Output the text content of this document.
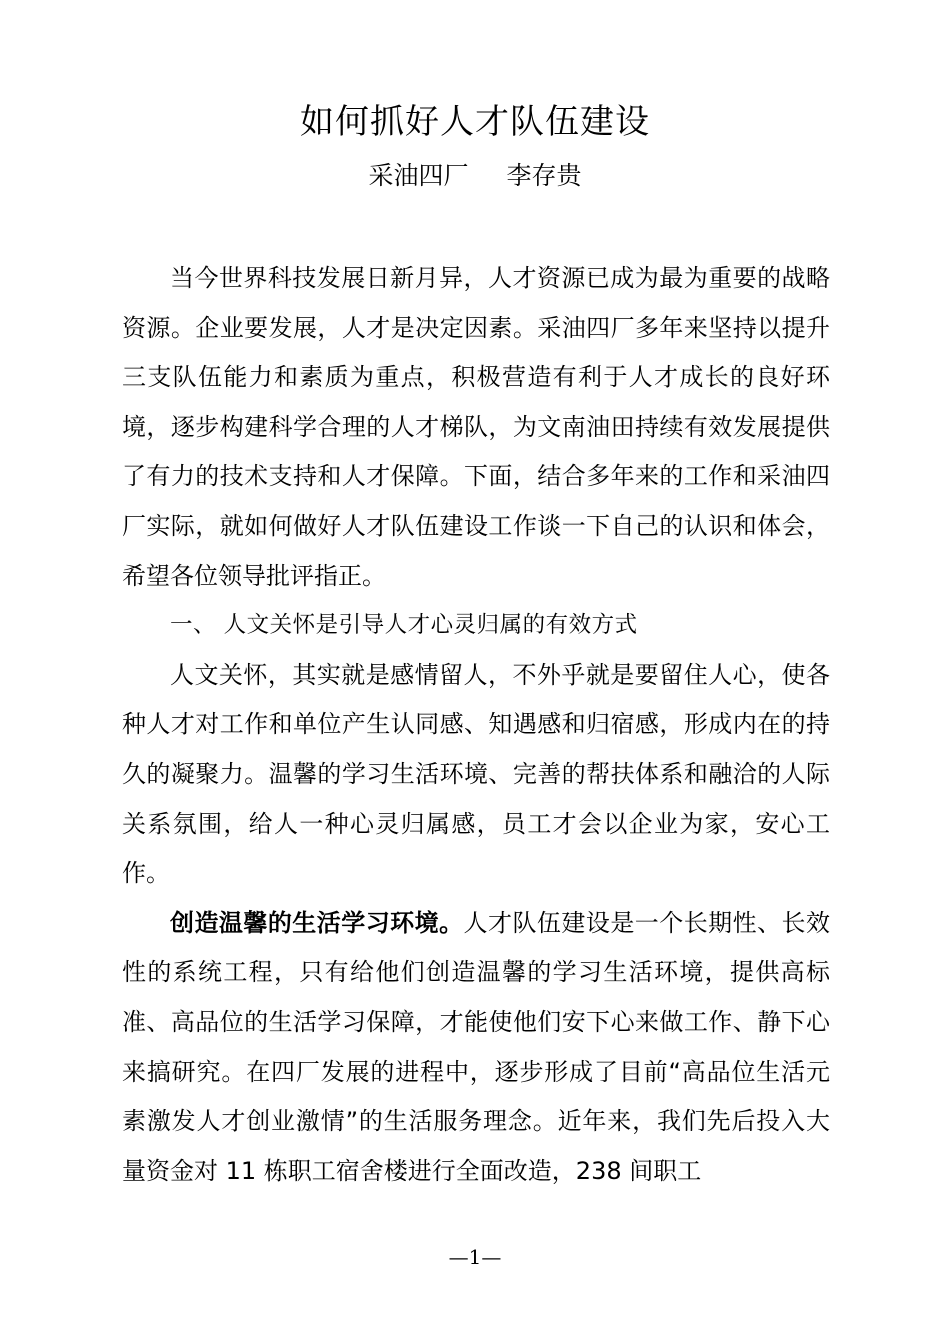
如何抓好人才队伍建设
采油四厂 李存贵

当今世界科技发展日新月异，人才资源已成为最为重要的战略资源。企业要发展，人才是决定因素。采油四厂多年来坚持以提升三支队伍能力和素质为重点，积极营造有利于人才成长的良好环境，逐步构建科学合理的人才梯队，为文南油田持续有效发展提供了有力的技术支持和人才保障。下面，结合多年来的工作和采油四厂实际，就如何做好人才队伍建设工作谈一下自己的认识和体会，希望各位领导批评指正。

一、 人文关怀是引导人才心灵归属的有效方式

人文关怀，其实就是感情留人，不外乎就是要留住人心，使各种人才对工作和单位产生认同感、知遇感和归宿感，形成内在的持久的凝聚力。温馨的学习生活环境、完善的帮扶体系和融洽的人际关系氛围，给人一种心灵归属感，员工才会以企业为家，安心工作。

创造温馨的生活学习环境。人才队伍建设是一个长期性、长效性的系统工程，只有给他们创造温馨的学习生活环境，提供高标准、高品位的生活学习保障，才能使他们安下心来做工作、静下心来搞研究。在四厂发展的进程中，逐步形成了目前“高品位生活元素激发人才创业激情”的生活服务理念。近年来，我们先后投入大量资金对 11 栋职工宿舍楼进行全面改造，238 间职工

—1—
